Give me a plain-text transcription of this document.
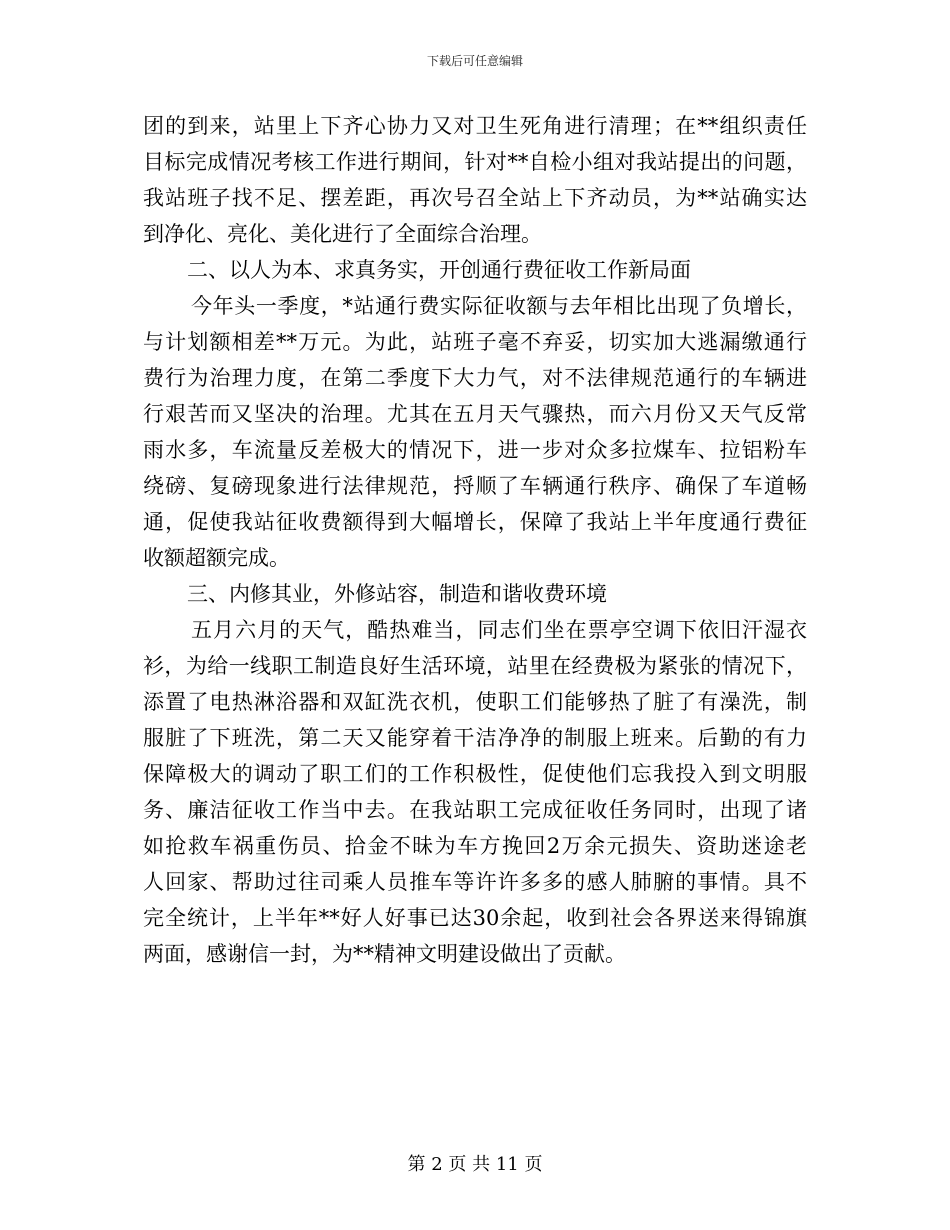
下载后可任意编辑
团的到来，站里上下齐心协力又对卫生死角进行清理；在**组织责任
目标完成情况考核工作进行期间，针对**自检小组对我站提出的问题，
我站班子找不足、摆差距，再次号召全站上下齐动员，为**站确实达
到净化、亮化、美化进行了全面综合治理。
二、以人为本、求真务实，开创通行费征收工作新局面
今年头一季度，*站通行费实际征收额与去年相比出现了负增长，
与计划额相差**万元。为此，站班子毫不弃妥，切实加大逃漏缴通行
费行为治理力度，在第二季度下大力气，对不法律规范通行的车辆进
行艰苦而又坚决的治理。尤其在五月天气骤热，而六月份又天气反常
雨水多，车流量反差极大的情况下，进一步对众多拉煤车、拉铝粉车
绕磅、复磅现象进行法律规范，捋顺了车辆通行秩序、确保了车道畅
通，促使我站征收费额得到大幅增长，保障了我站上半年度通行费征
收额超额完成。
三、内修其业，外修站容，制造和谐收费环境
五月六月的天气，酷热难当，同志们坐在票亭空调下依旧汗湿衣
衫，为给一线职工制造良好生活环境，站里在经费极为紧张的情况下，
添置了电热淋浴器和双缸洗衣机，使职工们能够热了脏了有澡洗，制
服脏了下班洗，第二天又能穿着干洁净净的制服上班来。后勤的有力
保障极大的调动了职工们的工作积极性，促使他们忘我投入到文明服
务、廉洁征收工作当中去。在我站职工完成征收任务同时，出现了诸
如抢救车祸重伤员、拾金不昧为车方挽回2万余元损失、资助迷途老
人回家、帮助过往司乘人员推车等许许多多的感人肺腑的事情。具不
完全统计，上半年**好人好事已达30余起，收到社会各界送来得锦旗
两面，感谢信一封，为**精神文明建设做出了贡献。
第 2 页 共 11 页
